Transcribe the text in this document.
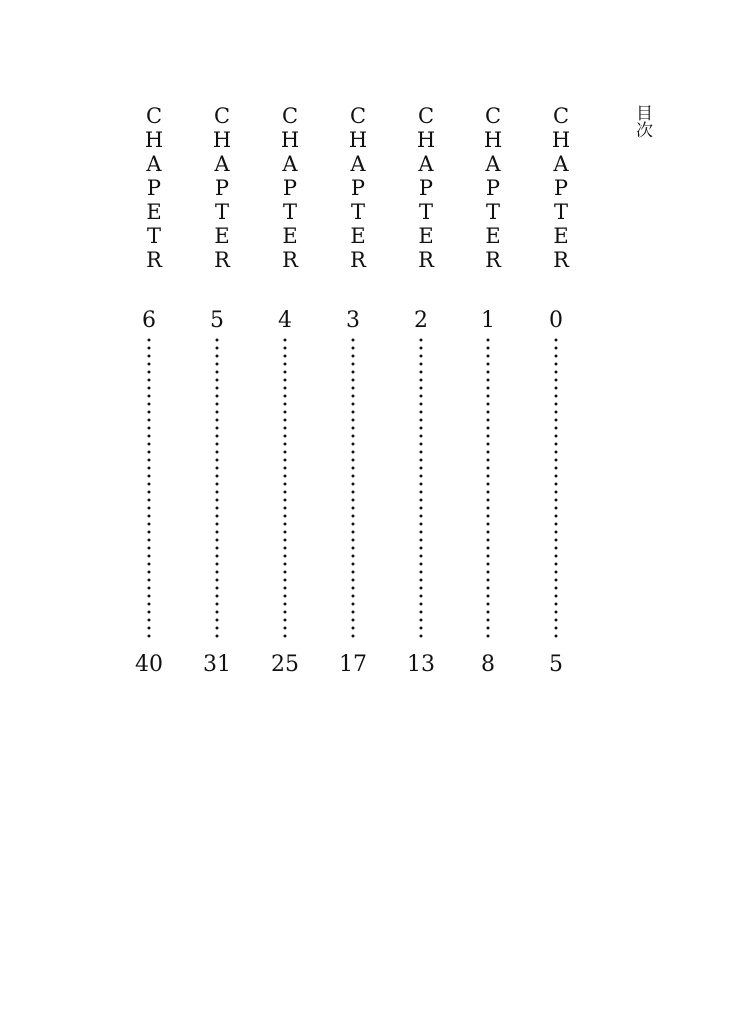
目次
CHAPETR
6
40
CHAPTER
5
31
CHAPTER
4
25
CHAPTER
3
17
CHAPTER
2
13
CHAPTER
1
8
CHAPTER
0
5
